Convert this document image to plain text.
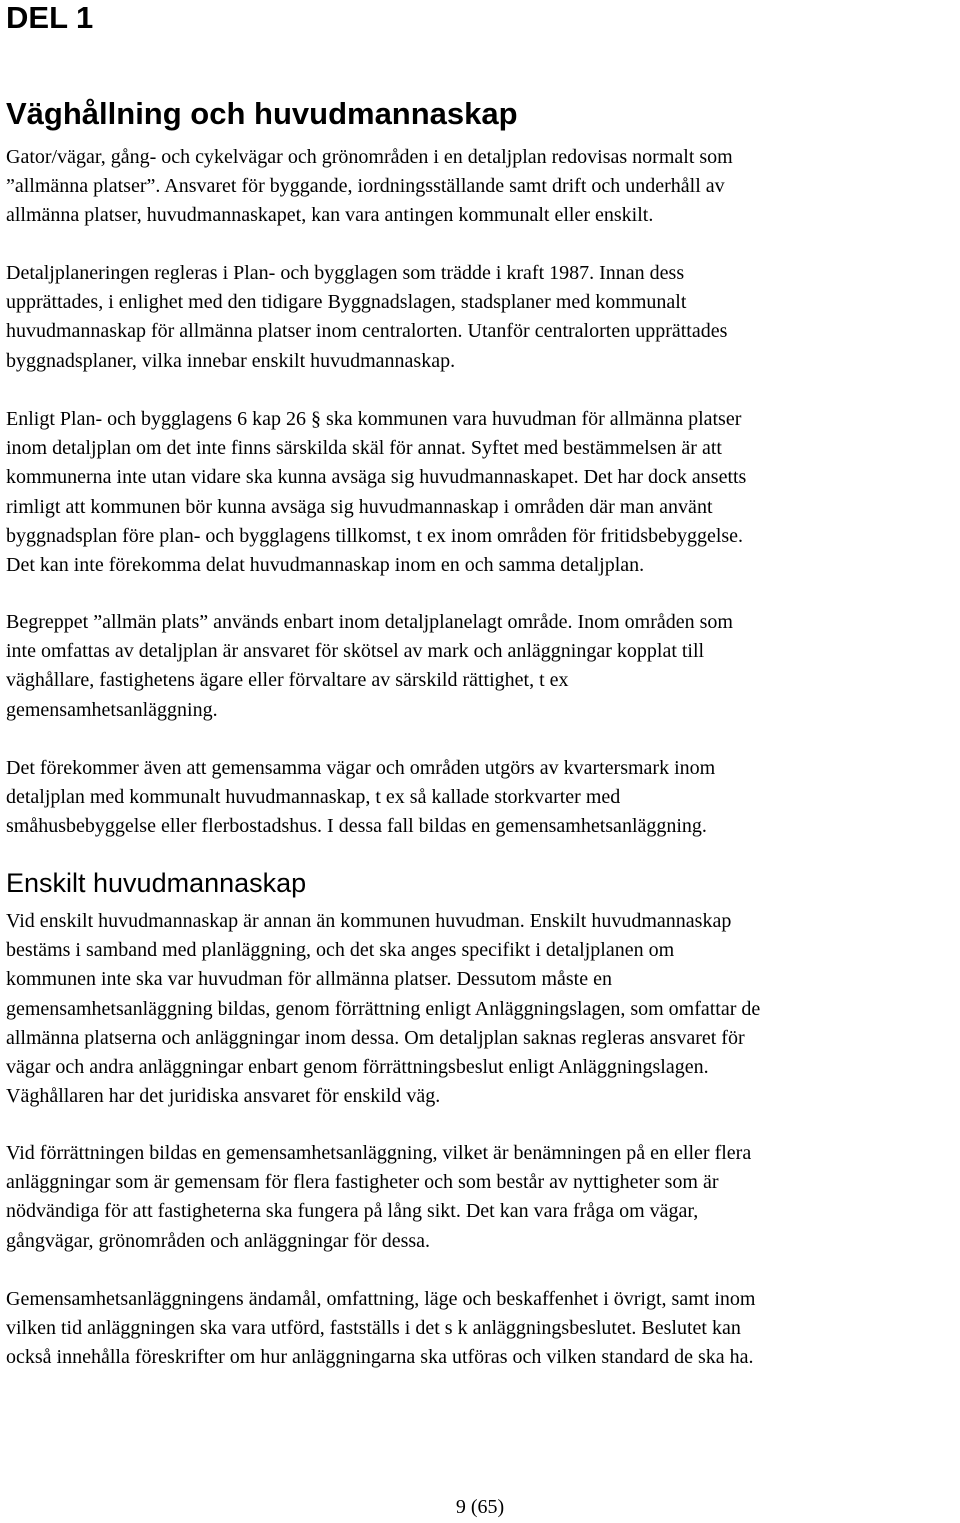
DEL 1
Väghållning och huvudmannaskap

Gator/vägar, gång- och cykelvägar och grönområden i en detaljplan redovisas normalt som
”allmänna platser”. Ansvaret för byggande, iordningsställande samt drift och underhåll av
allmänna platser, huvudmannaskapet, kan vara antingen kommunalt eller enskilt.

Detaljplaneringen regleras i Plan- och bygglagen som trädde i kraft 1987. Innan dess
upprättades, i enlighet med den tidigare Byggnadslagen, stadsplaner med kommunalt
huvudmannaskap för allmänna platser inom centralorten. Utanför centralorten upprättades
byggnadsplaner, vilka innebar enskilt huvudmannaskap.

Enligt Plan- och bygglagens 6 kap 26 § ska kommunen vara huvudman för allmänna platser
inom detaljplan om det inte finns särskilda skäl för annat. Syftet med bestämmelsen är att
kommunerna inte utan vidare ska kunna avsäga sig huvudmannaskapet. Det har dock ansetts
rimligt att kommunen bör kunna avsäga sig huvudmannaskap i områden där man använt
byggnadsplan före plan- och bygglagens tillkomst, t ex inom områden för fritidsbebyggelse.
Det kan inte förekomma delat huvudmannaskap inom en och samma detaljplan.

Begreppet ”allmän plats” används enbart inom detaljplanelagt område. Inom områden som
inte omfattas av detaljplan är ansvaret för skötsel av mark och anläggningar kopplat till
väghållare, fastighetens ägare eller förvaltare av särskild rättighet, t ex
gemensamhetsanläggning.

Det förekommer även att gemensamma vägar och områden utgörs av kvartersmark inom
detaljplan med kommunalt huvudmannaskap, t ex så kallade storkvarter med
småhusbebyggelse eller flerbostadshus. I dessa fall bildas en gemensamhetsanläggning.

Enskilt huvudmannaskap

Vid enskilt huvudmannaskap är annan än kommunen huvudman. Enskilt huvudmannaskap
bestäms i samband med planläggning, och det ska anges specifikt i detaljplanen om
kommunen inte ska var huvudman för allmänna platser. Dessutom måste en
gemensamhetsanläggning bildas, genom förrättning enligt Anläggningslagen, som omfattar de
allmänna platserna och anläggningar inom dessa. Om detaljplan saknas regleras ansvaret för
vägar och andra anläggningar enbart genom förrättningsbeslut enligt Anläggningslagen.
Väghållaren har det juridiska ansvaret för enskild väg.

Vid förrättningen bildas en gemensamhetsanläggning, vilket är benämningen på en eller flera
anläggningar som är gemensam för flera fastigheter och som består av nyttigheter som är
nödvändiga för att fastigheterna ska fungera på lång sikt. Det kan vara fråga om vägar,
gångvägar, grönområden och anläggningar för dessa.

Gemensamhetsanläggningens ändamål, omfattning, läge och beskaffenhet i övrigt, samt inom
vilken tid anläggningen ska vara utförd, fastställs i det s k anläggningsbeslutet. Beslutet kan
också innehålla föreskrifter om hur anläggningarna ska utföras och vilken standard de ska ha.

9 (65)
